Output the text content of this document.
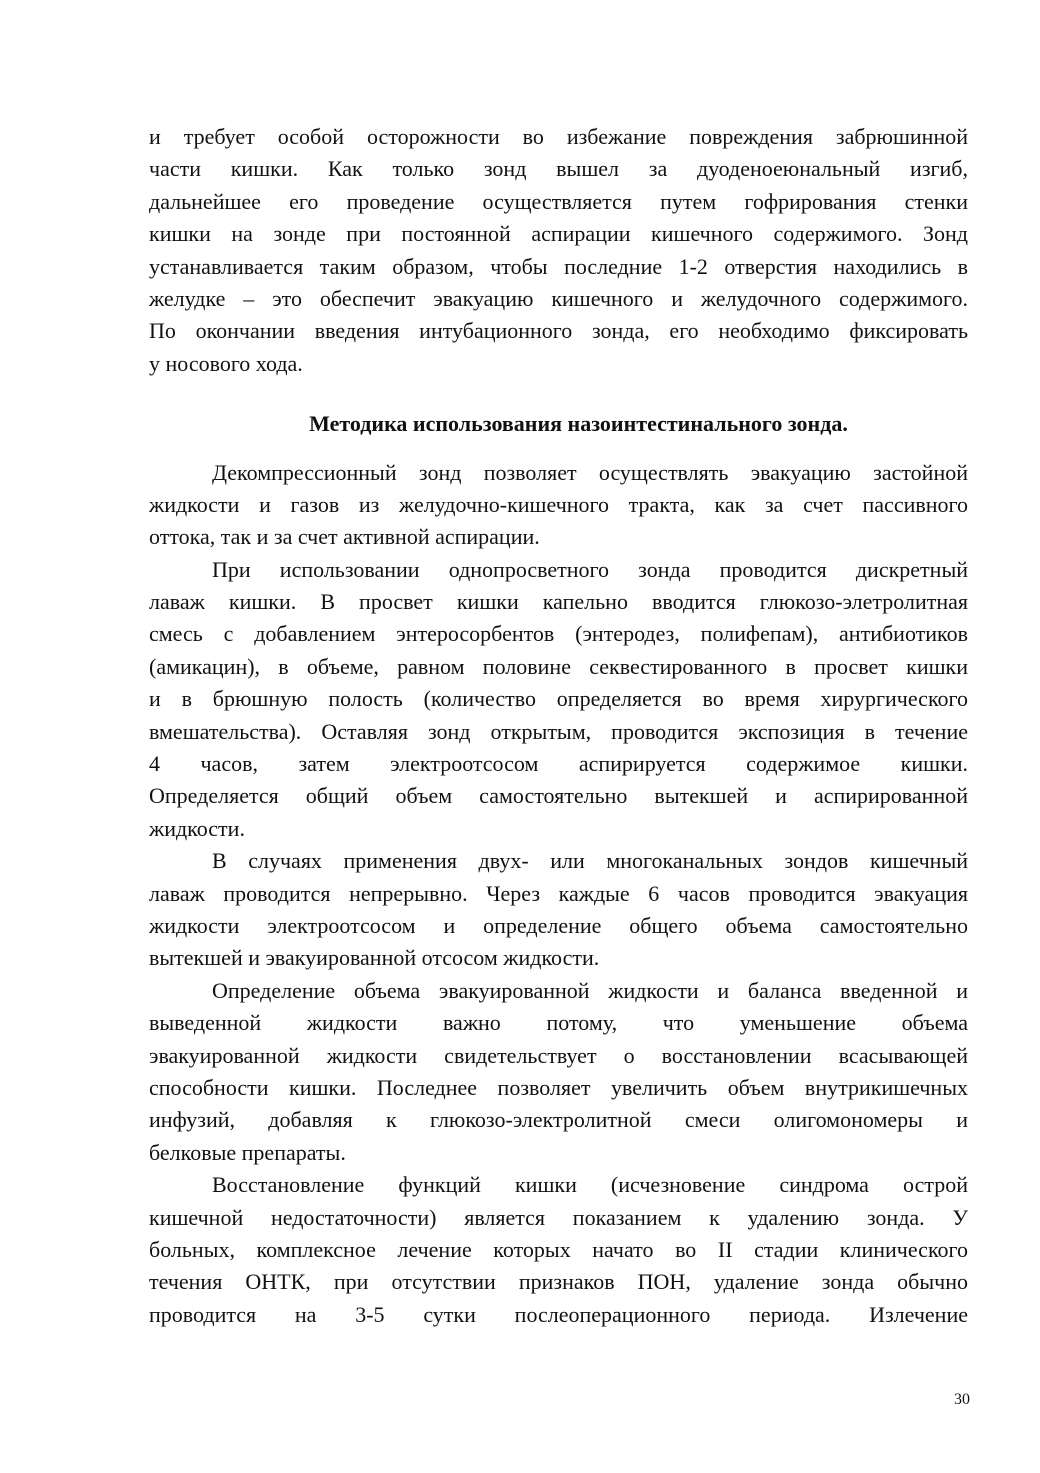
и требует особой осторожности во избежание повреждения забрюшинной
части кишки. Как только зонд вышел за дуоденоеюнальный изгиб,
дальнейшее его проведение осуществляется путем гофрирования стенки
кишки на зонде при постоянной аспирации кишечного содержимого. Зонд
устанавливается таким образом, чтобы последние 1-2 отверстия находились в
желудке – это обеспечит эвакуацию кишечного и желудочного содержимого.
По окончании введения интубационного зонда, его необходимо фиксировать
у носового хода.
Методика использования назоинтестинального зонда.
Декомпрессионный зонд позволяет осуществлять эвакуацию застойной
жидкости и газов из желудочно-кишечного тракта, как за счет пассивного
оттока, так и за счет активной аспирации.
При использовании однопросветного зонда проводится дискретный
лаваж кишки. В просвет кишки капельно вводится глюкозо-элетролитная
смесь с добавлением энтеросорбентов (энтеродез, полифепам), антибиотиков
(амикацин), в объеме, равном половине секвестированного в просвет кишки
и в брюшную полость (количество определяется во время хирургического
вмешательства). Оставляя зонд открытым, проводится экспозиция в течение
4 часов, затем электроотсосом аспирируется содержимое кишки.
Определяется общий объем самостоятельно вытекшей и аспирированной
жидкости.
В случаях применения двух- или многоканальных зондов кишечный
лаваж проводится непрерывно. Через каждые 6 часов проводится эвакуация
жидкости электроотсосом и определение общего объема самостоятельно
вытекшей и эвакуированной отсосом жидкости.
Определение объема эвакуированной жидкости и баланса введенной и
выведенной жидкости важно потому, что уменьшение объема
эвакуированной жидкости свидетельствует о восстановлении всасывающей
способности кишки. Последнее позволяет увеличить объем внутрикишечных
инфузий, добавляя к глюкозо-электролитной смеси олигомономеры и
белковые препараты.
Восстановление функций кишки (исчезновение синдрома острой
кишечной недостаточности) является показанием к удалению зонда. У
больных, комплексное лечение которых начато во II стадии клинического
течения ОНТК, при отсутствии признаков ПОН, удаление зонда обычно
проводится на 3-5 сутки послеоперационного периода. Излечение
30
